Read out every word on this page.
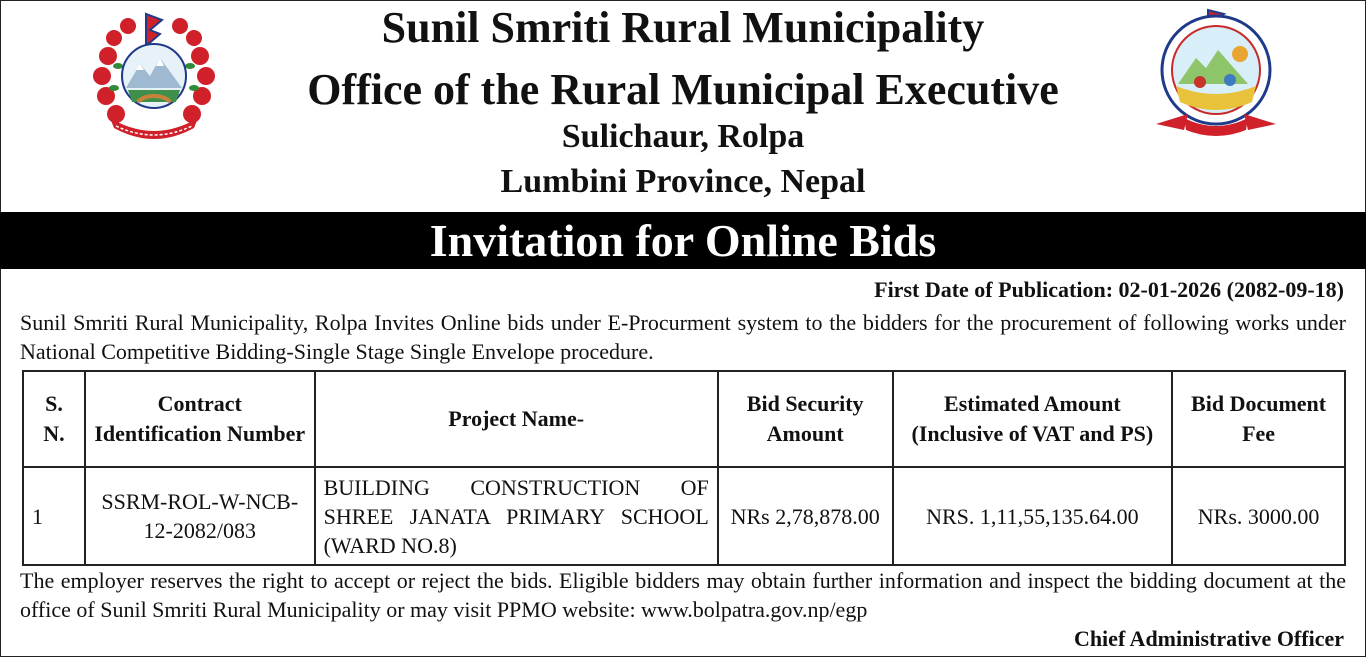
Sunil Smriti Rural Municipality
Office of the Rural Municipal Executive
Sulichaur, Rolpa
Lumbini Province, Nepal
Invitation for Online Bids
First Date of Publication: 02-01-2026 (2082-09-18)
Sunil Smriti Rural Municipality, Rolpa Invites Online bids under E-Procurment system to the bidders for the procurement of following works under National Competitive Bidding-Single Stage Single Envelope procedure.
S. N.	Contract Identification Number	Project Name-	Bid Security Amount	Estimated Amount (Inclusive of VAT and PS)	Bid Document Fee
1	SSRM-ROL-W-NCB-12-2082/083	BUILDING CONSTRUCTION OF SHREE JANATA PRIMARY SCHOOL (WARD NO.8)	NRs 2,78,878.00	NRS. 1,11,55,135.64.00	NRs. 3000.00
The employer reserves the right to accept or reject the bids. Eligible bidders may obtain further information and inspect the bidding document at the office of Sunil Smriti Rural Municipality or may visit PPMO website: www.bolpatra.gov.np/egp
Chief Administrative Officer
